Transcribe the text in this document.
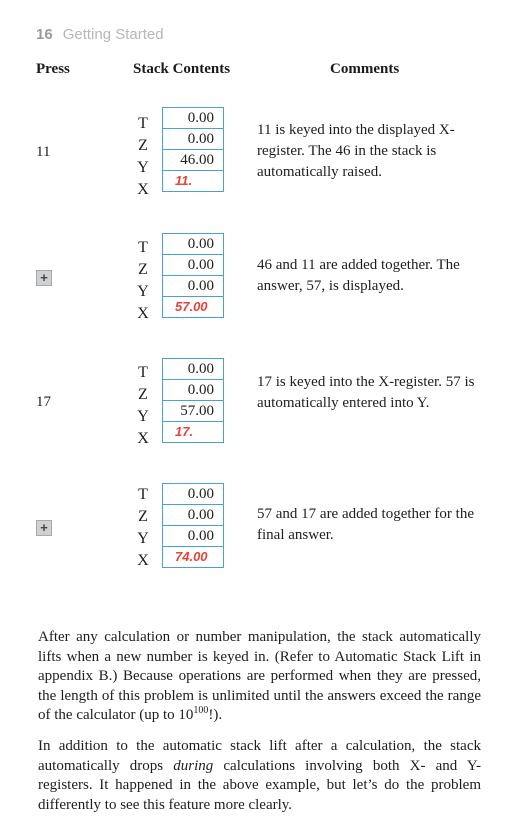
16 Getting Started
Press	Stack Contents	Comments
11
T
Z
Y
X
0.00
0.00
46.00
11.
11 is keyed into the displayed X-register. The 46 in the stack is automatically raised.
+
T
Z
Y
X
0.00
0.00
0.00
57.00
46 and 11 are added together. The answer, 57, is displayed.
17
T
Z
Y
X
0.00
0.00
57.00
17.
17 is keyed into the X-register. 57 is automatically entered into Y.
+
T
Z
Y
X
0.00
0.00
0.00
74.00
57 and 17 are added together for the final answer.
After any calculation or number manipulation, the stack automatically lifts when a new number is keyed in. (Refer to Automatic Stack Lift in appendix B.) Because operations are performed when they are pressed, the length of this problem is unlimited until the answers exceed the range of the calculator (up to $10^{100}$!).
In addition to the automatic stack lift after a calculation, the stack automatically drops during calculations involving both X- and Y-registers. It happened in the above example, but let’s do the problem differently to see this feature more clearly.
